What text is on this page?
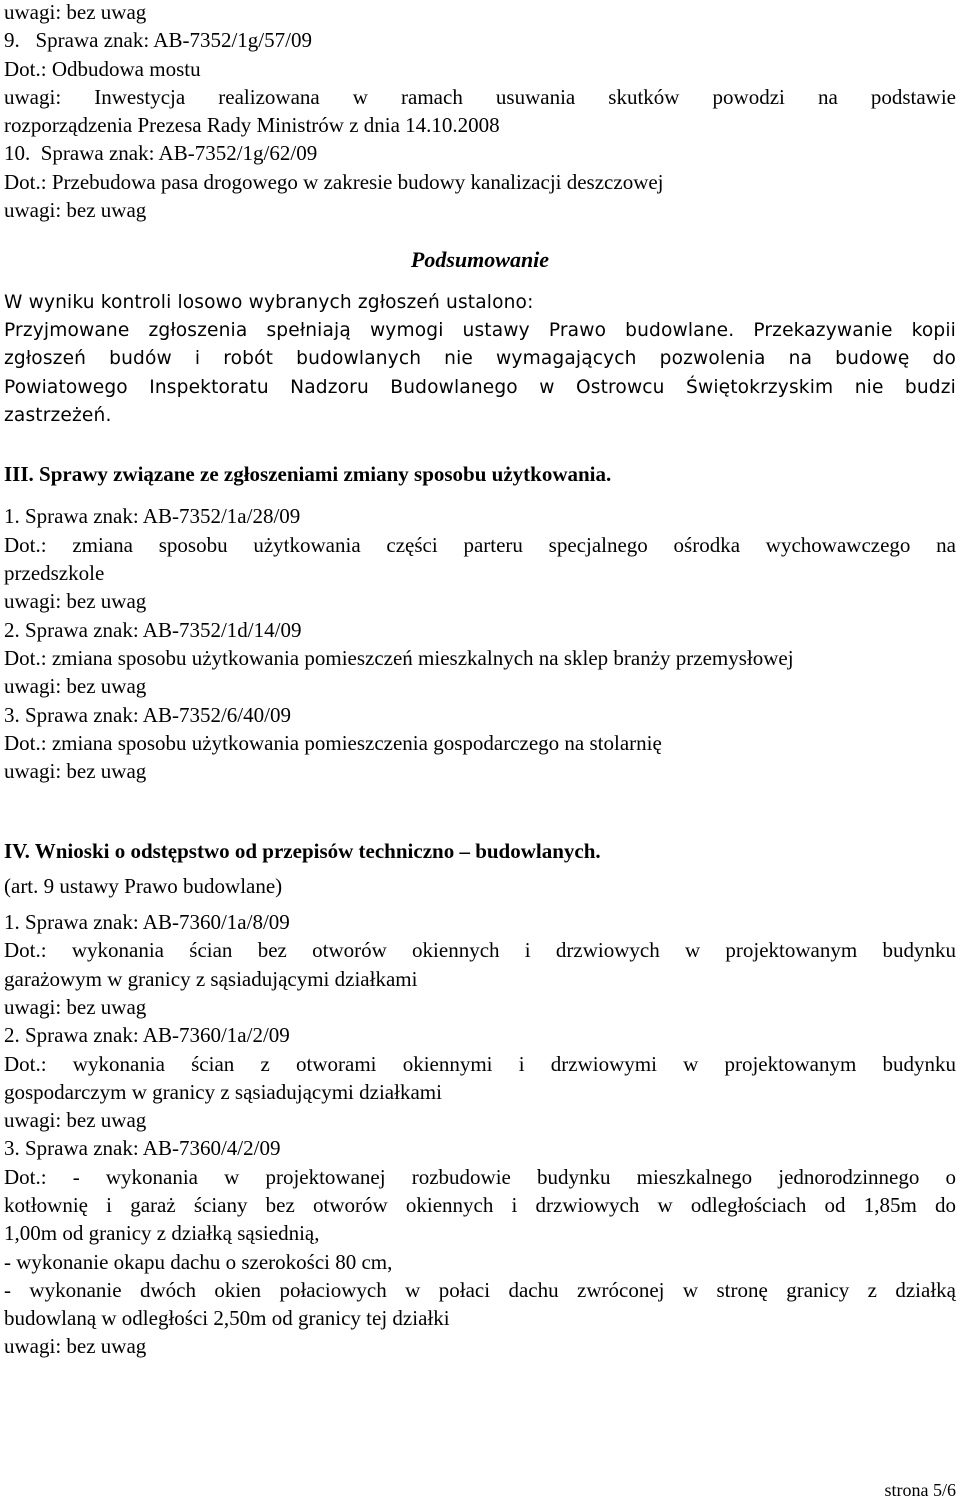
uwagi: bez uwag
9. Sprawa znak: AB-7352/1g/57/09
Dot.: Odbudowa mostu
uwagi: Inwestycja realizowana w ramach usuwania skutków powodzi na podstawie
rozporządzenia Prezesa Rady Ministrów z dnia 14.10.2008
10. Sprawa znak: AB-7352/1g/62/09
Dot.: Przebudowa pasa drogowego w zakresie budowy kanalizacji deszczowej
uwagi: bez uwag
Podsumowanie
W wyniku kontroli losowo wybranych zgłoszeń ustalono:
Przyjmowane zgłoszenia spełniają wymogi ustawy Prawo budowlane. Przekazywanie kopii
zgłoszeń budów i robót budowlanych nie wymagających pozwolenia na budowę do
Powiatowego Inspektoratu Nadzoru Budowlanego w Ostrowcu Świętokrzyskim nie budzi
zastrzeżeń.
III. Sprawy związane ze zgłoszeniami zmiany sposobu użytkowania.
1. Sprawa znak: AB-7352/1a/28/09
Dot.: zmiana sposobu użytkowania części parteru specjalnego ośrodka wychowawczego na
przedszkole
uwagi: bez uwag
2. Sprawa znak: AB-7352/1d/14/09
Dot.: zmiana sposobu użytkowania pomieszczeń mieszkalnych na sklep branży przemysłowej
uwagi: bez uwag
3. Sprawa znak: AB-7352/6/40/09
Dot.: zmiana sposobu użytkowania pomieszczenia gospodarczego na stolarnię
uwagi: bez uwag
IV. Wnioski o odstępstwo od przepisów techniczno – budowlanych.
(art. 9 ustawy Prawo budowlane)
1. Sprawa znak: AB-7360/1a/8/09
Dot.: wykonania ścian bez otworów okiennych i drzwiowych w projektowanym budynku
garażowym w granicy z sąsiadującymi działkami
uwagi: bez uwag
2. Sprawa znak: AB-7360/1a/2/09
Dot.: wykonania ścian z otworami okiennymi i drzwiowymi w projektowanym budynku
gospodarczym w granicy z sąsiadującymi działkami
uwagi: bez uwag
3. Sprawa znak: AB-7360/4/2/09
Dot.: - wykonania w projektowanej rozbudowie budynku mieszkalnego jednorodzinnego o
kotłownię i garaż ściany bez otworów okiennych i drzwiowych w odległościach od 1,85m do
1,00m od granicy z działką sąsiednią,
- wykonanie okapu dachu o szerokości 80 cm,
- wykonanie dwóch okien połaciowych w połaci dachu zwróconej w stronę granicy z działką
budowlaną w odległości 2,50m od granicy tej działki
uwagi: bez uwag
strona 5/6
